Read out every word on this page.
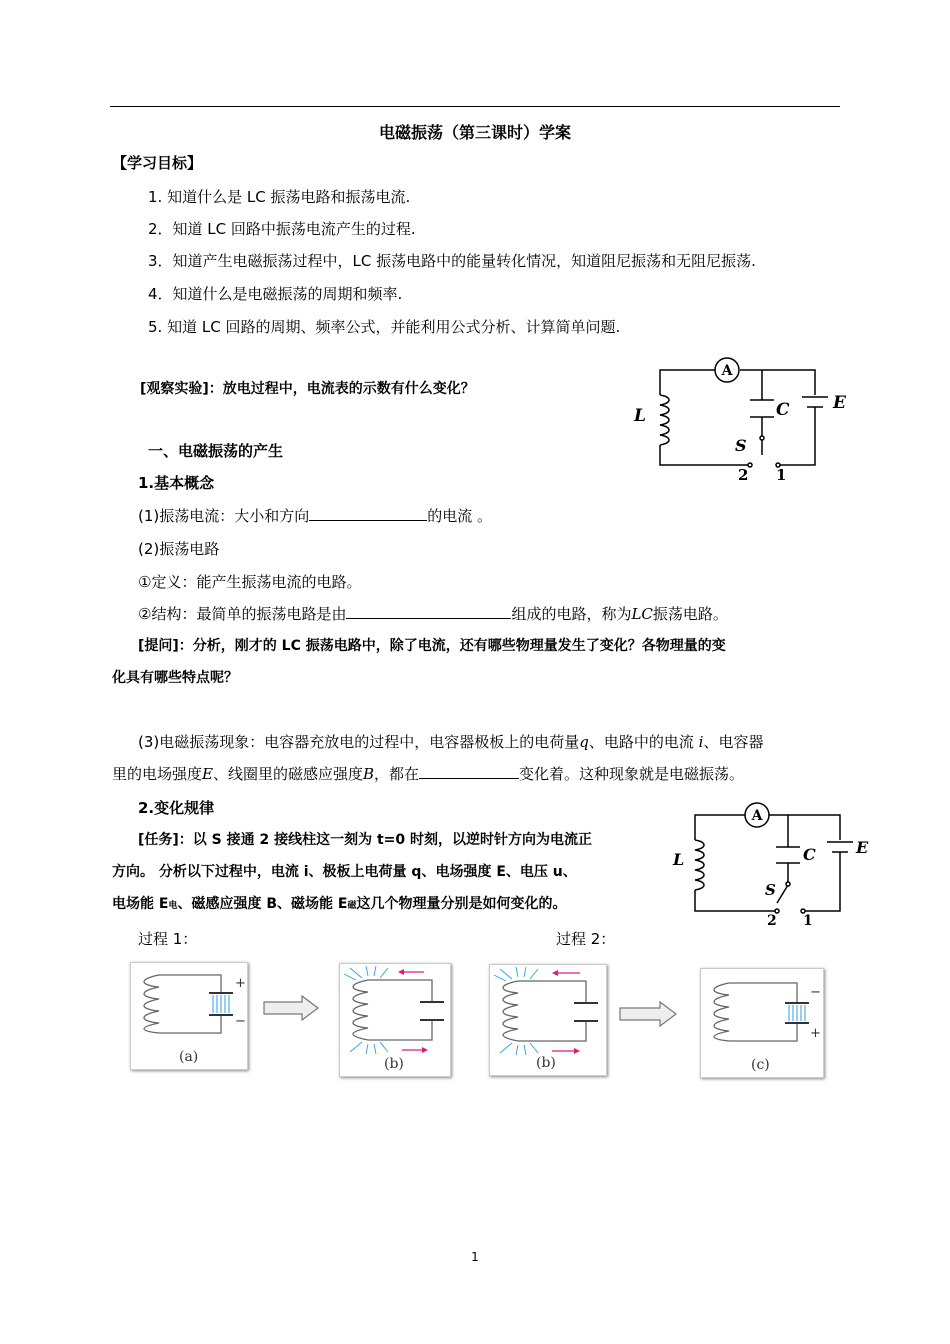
电磁振荡（第三课时）学案
【学习目标】
1. 知道什么是 LC 振荡电路和振荡电流.
2．知道 LC 回路中振荡电流产生的过程.
3．知道产生电磁振荡过程中，LC 振荡电路中的能量转化情况，知道阻尼振荡和无阻尼振荡.
4．知道什么是电磁振荡的周期和频率.
5. 知道 LC 回路的周期、频率公式，并能利用公式分析、计算简单问题.
[观察实验]：放电过程中，电流表的示数有什么变化？
A
L	C	E
S
2 1
一、电磁振荡的产生
1.基本概念
(1)振荡电流：大小和方向	的电流 。
(2)振荡电路
①定义：能产生振荡电流的电路。
②结构：最简单的振荡电路是由	组成的电路，称为LC振荡电路。
[提问]：分析，刚才的 LC 振荡电路中，除了电流，还有哪些物理量发生了变化？各物理量的变
化具有哪些特点呢？
(3)电磁振荡现象：电容器充放电的过程中，电容器极板上的电荷量q、电路中的电流 i、电容器
里的电场强度E、线圈里的磁感应强度B，都在	变化着。这种现象就是电磁振荡。
2.变化规律
[任务]：以 S 接通 2 接线柱这一刻为 t=0 时刻，以逆时针方向为电流正
方向。 分析以下过程中，电流 i、极板上电荷量 q、电场强度 E、电压 u、
电场能 E电、磁感应强度 B、磁场能 E磁这几个物理量分别是如何变化的。
A
L	C	E
S
2 1
过程 1：	过程 2：
+
−
(a)	(b)	(b)
−
+
(c)
1
